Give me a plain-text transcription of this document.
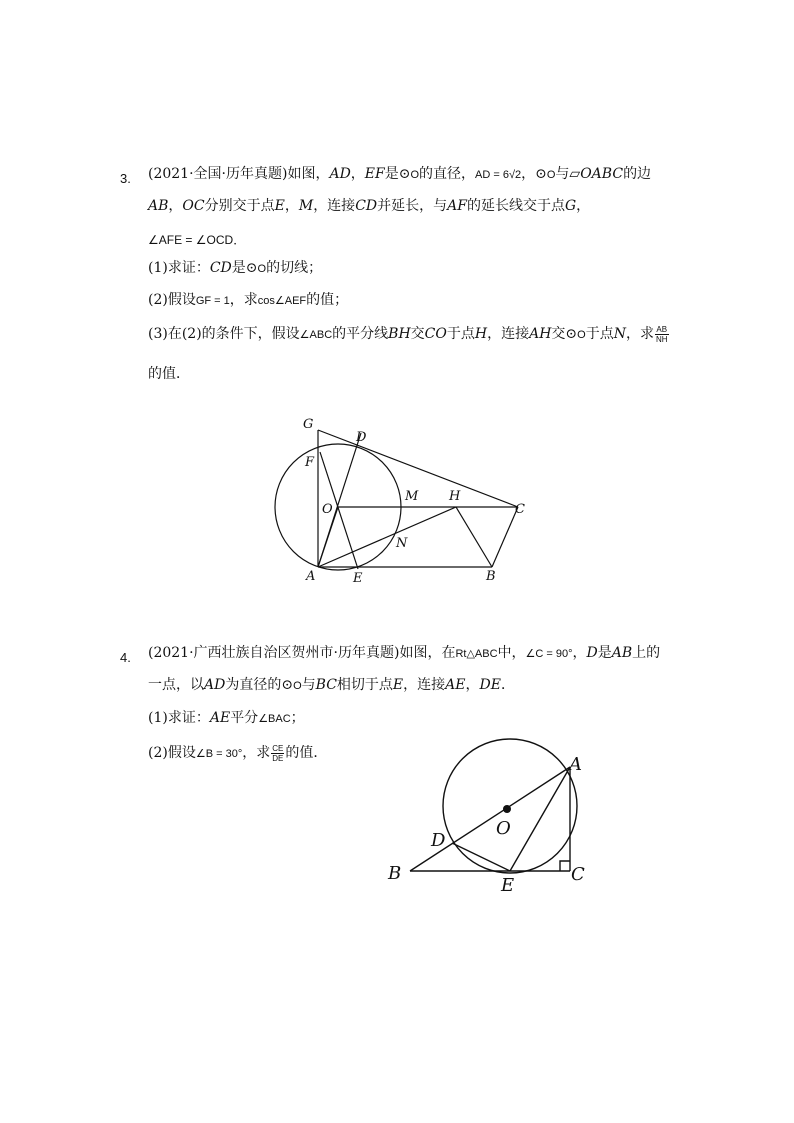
3. (2021·全国·历年真题)如图，AD，EF是⊙O的直径，AD = 6√2，⊙O与▱OABC的边
AB，OC分别交于点E，M，连接CD并延长，与AF的延长线交于点G，
∠AFE = ∠OCD．
(1)求证：CD是⊙O的切线；
(2)假设GF = 1，求cos∠AEF的值；
(3)在(2)的条件下，假设∠ABC的平分线BH交CO于点H，连接AH交⊙O于点N，求 $\frac{AB}{NH}$
的值．
G
D
F
O
M H
C
N
A	E	B
4. (2021·广西壮族自治区贺州市·历年真题)如图，在Rt△ABC中，∠C = 90°，D是AB上的
一点，以AD为直径的⊙O与BC相切于点E，连接AE，DE．
(1)求证：AE平分∠BAC；
(2)假设∠B = 30°，求 $\frac{CE}{DE}$ 的值．
A
O
D
B
E
C
